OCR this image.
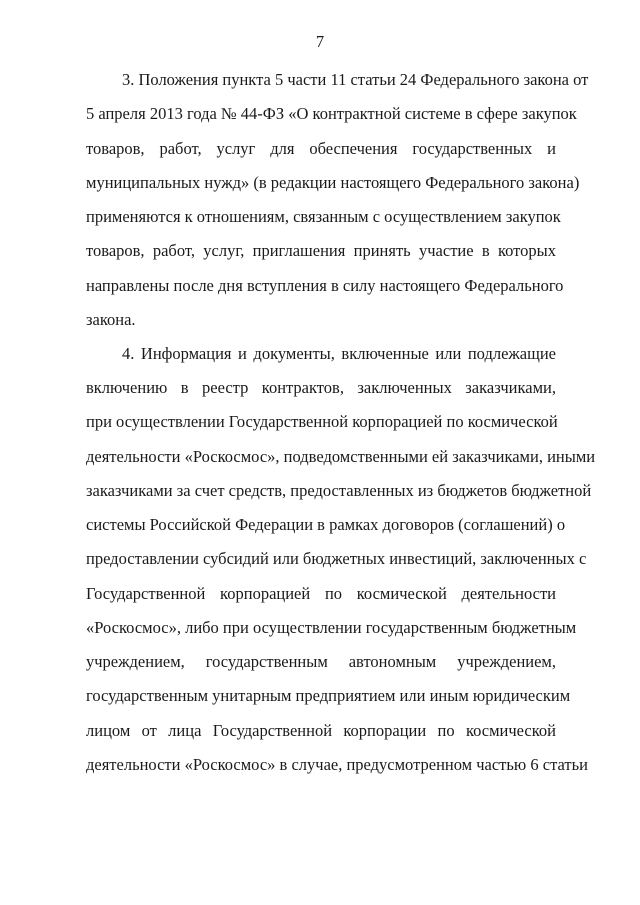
7
3. Положения пункта 5 части 11 статьи 24 Федерального закона от
5 апреля 2013 года № 44-ФЗ «О контрактной системе в сфере закупок
товаров, работ, услуг для обеспечения государственных и
муниципальных нужд» (в редакции настоящего Федерального закона)
применяются к отношениям, связанным с осуществлением закупок
товаров, работ, услуг, приглашения принять участие в которых
направлены после дня вступления в силу настоящего Федерального
закона.
4. Информация и документы, включенные или подлежащие
включению в реестр контрактов, заключенных заказчиками,
при осуществлении Государственной корпорацией по космической
деятельности «Роскосмос», подведомственными ей заказчиками, иными
заказчиками за счет средств, предоставленных из бюджетов бюджетной
системы Российской Федерации в рамках договоров (соглашений) о
предоставлении субсидий или бюджетных инвестиций, заключенных с
Государственной корпорацией по космической деятельности
«Роскосмос», либо при осуществлении государственным бюджетным
учреждением, государственным автономным учреждением,
государственным унитарным предприятием или иным юридическим
лицом от лица Государственной корпорации по космической
деятельности «Роскосмос» в случае, предусмотренном частью 6 статьи
